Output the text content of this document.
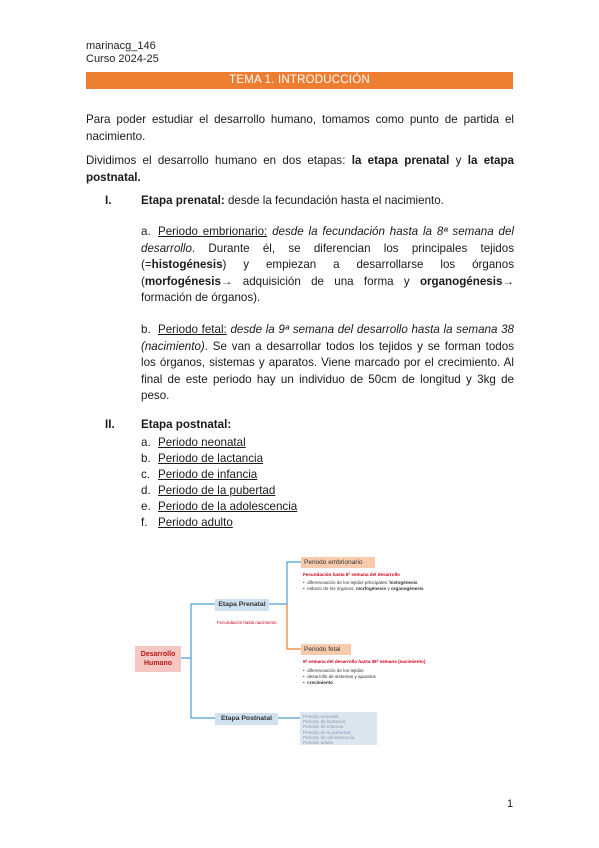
marinacg_146
Curso 2024-25
TEMA 1. INTRODUCCIÓN
Para poder estudiar el desarrollo humano, tomamos como punto de partida el nacimiento.
Dividimos el desarrollo humano en dos etapas: la etapa prenatal y la etapa postnatal.
I.	Etapa prenatal: desde la fecundación hasta el nacimiento.
a. Periodo embrionario: desde la fecundación hasta la 8ª semana del desarrollo. Durante él, se diferencian los principales tejidos (=histogénesis) y empiezan a desarrollarse los órganos (morfogénesis→ adquisición de una forma y organogénesis→ formación de órganos).
b. Periodo fetal: desde la 9ª semana del desarrollo hasta la semana 38 (nacimiento). Se van a desarrollar todos los tejidos y se forman todos los órganos, sistemas y aparatos. Viene marcado por el crecimiento. Al final de este periodo hay un individuo de 50cm de longitud y 3kg de peso.
II. Etapa postnatal:
a. Periodo neonatal
b. Periodo de lactancia
c. Periodo de infancia
d. Periodo de la pubertad
e. Periodo de la adolescencia
f. Periodo adulto
Desarrollo Humano
Etapa Prenatal
Fecundación hasta nacimiento
Etapa Postnatal
Periodo embrionario
Fecundación hasta 8ª semana del desarrollo
•  diferenciación de los tejidos principales: histogénesis
•  esbozo de los órganos: morfogénesis y organogénesis
Periodo fetal
9ª semana del desarrollo hasta 38ª semana (nacimiento)
•  diferenciación de los tejidos
•  desarrollo de sistemas y aparatos
•  crecimiento
Periodo neonatal
Periodo de lactancia
Periodo de infancia
Periodo de la pubertad
Periodo de adolescencia
Periodo adulto
1
